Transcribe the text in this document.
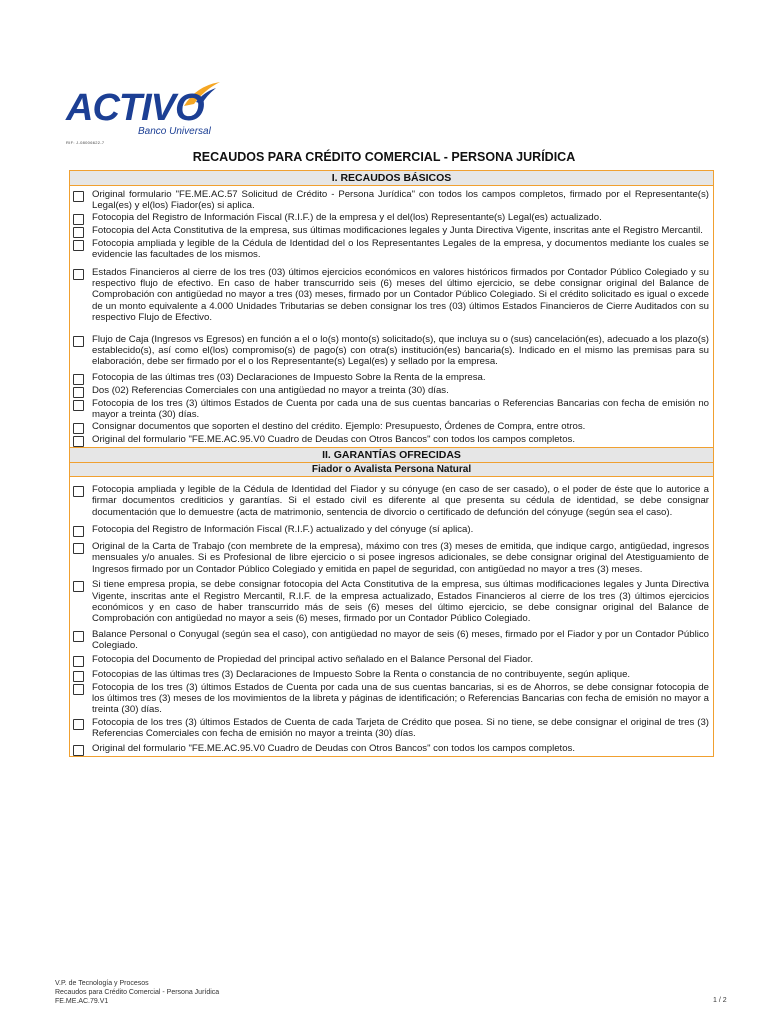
ACTIVO
Banco Universal
RIF: J-08006622-7
RECAUDOS PARA CRÉDITO COMERCIAL - PERSONA JURÍDICA
I. RECAUDOS BÁSICOS
Original formulario "FE.ME.AC.57 Solicitud de Crédito - Persona Jurídica" con todos los campos completos, firmado por el Representante(s) Legal(es) y el(los) Fiador(es) si aplica.
Fotocopia del Registro de Información Fiscal (R.I.F.) de la empresa y el del(los) Representante(s) Legal(es) actualizado.
Fotocopia del Acta Constitutiva de la empresa, sus últimas modificaciones legales y Junta Directiva Vigente, inscritas ante el Registro Mercantil.
Fotocopia ampliada y legible de la Cédula de Identidad del o los Representantes Legales de la empresa, y documentos mediante los cuales se evidencie las facultades de los mismos.
Estados Financieros al cierre de los tres (03) últimos ejercicios económicos en valores históricos firmados por Contador Público Colegiado y su respectivo flujo de efectivo. En caso de haber transcurrido seis (6) meses del último ejercicio, se debe consignar original del Balance de Comprobación con antigüedad no mayor a tres (03) meses, firmado por un Contador Público Colegiado. Si el crédito solicitado es igual o excede de un monto equivalente a 4.000 Unidades Tributarias se deben consignar los tres (03) últimos Estados Financieros de Cierre Auditados con su respectivo Flujo de Efectivo.
Flujo de Caja (Ingresos vs Egresos) en función a el o lo(s) monto(s) solicitado(s), que incluya su o (sus) cancelación(es), adecuado a los plazo(s) establecido(s), así como el(los) compromiso(s) de pago(s) con otra(s) institución(es) bancaria(s). Indicado en el mismo las premisas para su elaboración, debe ser firmado por el o los Representante(s) Legal(es) y sellado por la empresa.
Fotocopia de las últimas tres (03) Declaraciones de Impuesto Sobre la Renta de la empresa.
Dos (02) Referencias Comerciales con una antigüedad no mayor a treinta (30) días.
Fotocopia de los tres (3) últimos Estados de Cuenta por cada una de sus cuentas bancarias o Referencias Bancarias con fecha de emisión no mayor a treinta (30) días.
Consignar documentos que soporten el destino del crédito. Ejemplo: Presupuesto, Órdenes de Compra, entre otros.
Original del formulario "FE.ME.AC.95.V0 Cuadro de Deudas con Otros Bancos" con todos los campos completos.
II. GARANTÍAS OFRECIDAS
Fiador o Avalista Persona Natural
Fotocopia ampliada y legible de la Cédula de Identidad del Fiador y su cónyuge (en caso de ser casado), o el poder de éste que lo autorice a firmar documentos crediticios y garantías. Si el estado civil es diferente al que presenta su cédula de identidad, se debe consignar documentación que lo demuestre (acta de matrimonio, sentencia de divorcio o certificado de defunción del cónyuge (según sea el caso).
Fotocopia del Registro de Información Fiscal (R.I.F.) actualizado y del cónyuge (sí aplica).
Original de la Carta de Trabajo (con membrete de la empresa), máximo con tres (3) meses de emitida, que indique cargo, antigüedad, ingresos mensuales y/o anuales. Si es Profesional de libre ejercicio o si posee ingresos adicionales, se debe consignar original del Atestiguamiento de Ingresos firmado por un Contador Público Colegiado y emitida en papel de seguridad, con antigüedad no mayor a tres (3) meses.
Si tiene empresa propia, se debe consignar fotocopia del Acta Constitutiva de la empresa, sus últimas modificaciones legales y Junta Directiva Vigente, inscritas ante el Registro Mercantil, R.I.F. de la empresa actualizado, Estados Financieros al cierre de los tres (3) últimos ejercicios económicos y en caso de haber transcurrido más de seis (6) meses del último ejercicio, se debe consignar original del Balance de Comprobación con antigüedad no mayor a seis (6) meses, firmado por un Contador Público Colegiado.
Balance Personal o Conyugal (según sea el caso), con antigüedad no mayor de seis (6) meses, firmado por el Fiador y por un Contador Público Colegiado.
Fotocopia del Documento de Propiedad del principal activo señalado en el Balance Personal del Fiador.
Fotocopias de las últimas tres (3) Declaraciones de Impuesto Sobre la Renta o constancia de no contribuyente, según aplique.
Fotocopia de los tres (3) últimos Estados de Cuenta por cada una de sus cuentas bancarias, si es de Ahorros, se debe consignar fotocopia de los últimos tres (3) meses de los movimientos de la libreta y páginas de identificación; o Referencias Bancarias con fecha de emisión no mayor a treinta (30) días.
Fotocopia de los tres (3) últimos Estados de Cuenta de cada Tarjeta de Crédito que posea. Si no tiene, se debe consignar el original de tres (3) Referencias Comerciales con fecha de emisión no mayor a treinta (30) días.
Original del formulario "FE.ME.AC.95.V0 Cuadro de Deudas con Otros Bancos" con todos los campos completos.
V.P. de Tecnología y Procesos
Recaudos para Crédito Comercial - Persona Jurídica
FE.ME.AC.79.V1	1 / 2
